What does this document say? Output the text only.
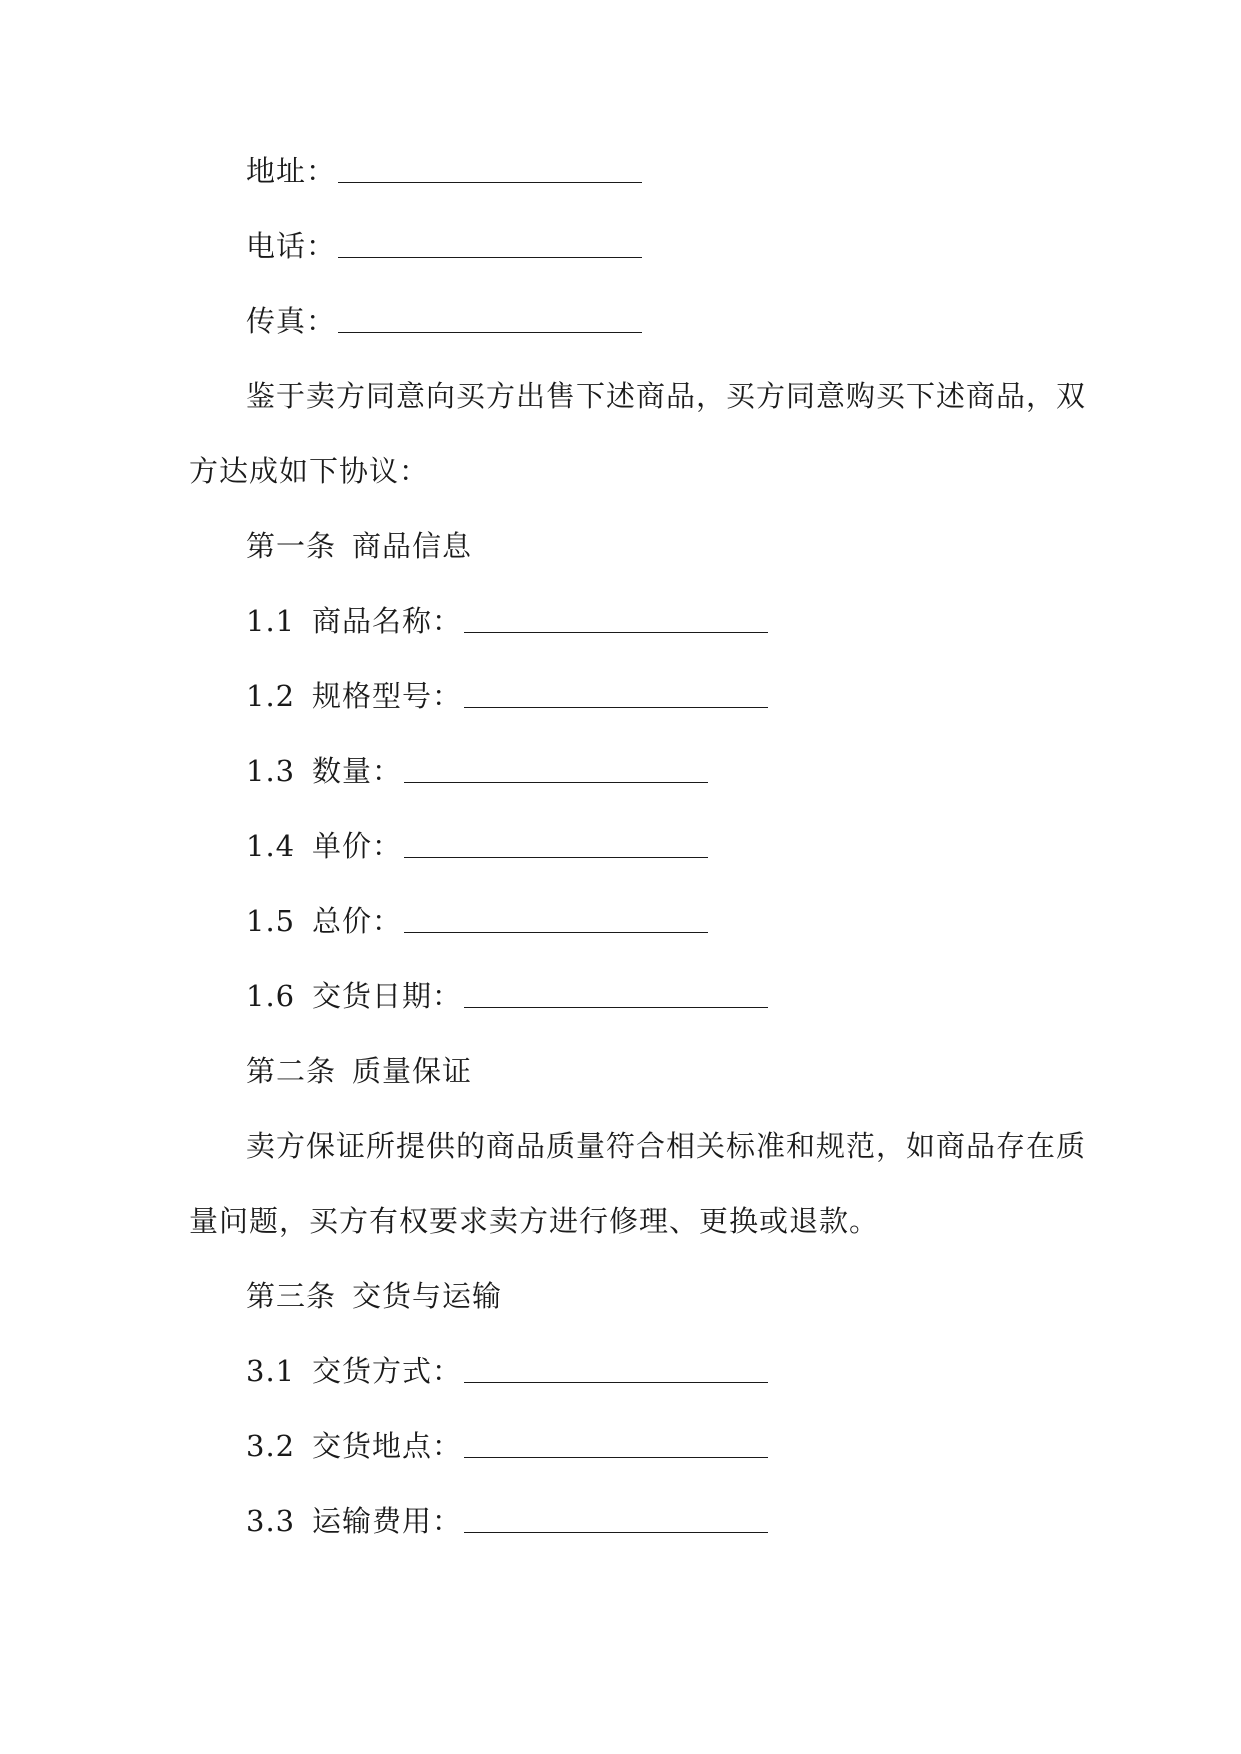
地址：
电话：
传真：
鉴于卖方同意向买方出售下述商品，买方同意购买下述商品，双
方达成如下协议：
第一条 商品信息
1.1 商品名称：
1.2 规格型号：
1.3 数量：
1.4 单价：
1.5 总价：
1.6 交货日期：
第二条 质量保证
卖方保证所提供的商品质量符合相关标准和规范，如商品存在质
量问题，买方有权要求卖方进行修理、更换或退款。
第三条 交货与运输
3.1 交货方式：
3.2 交货地点：
3.3 运输费用：
